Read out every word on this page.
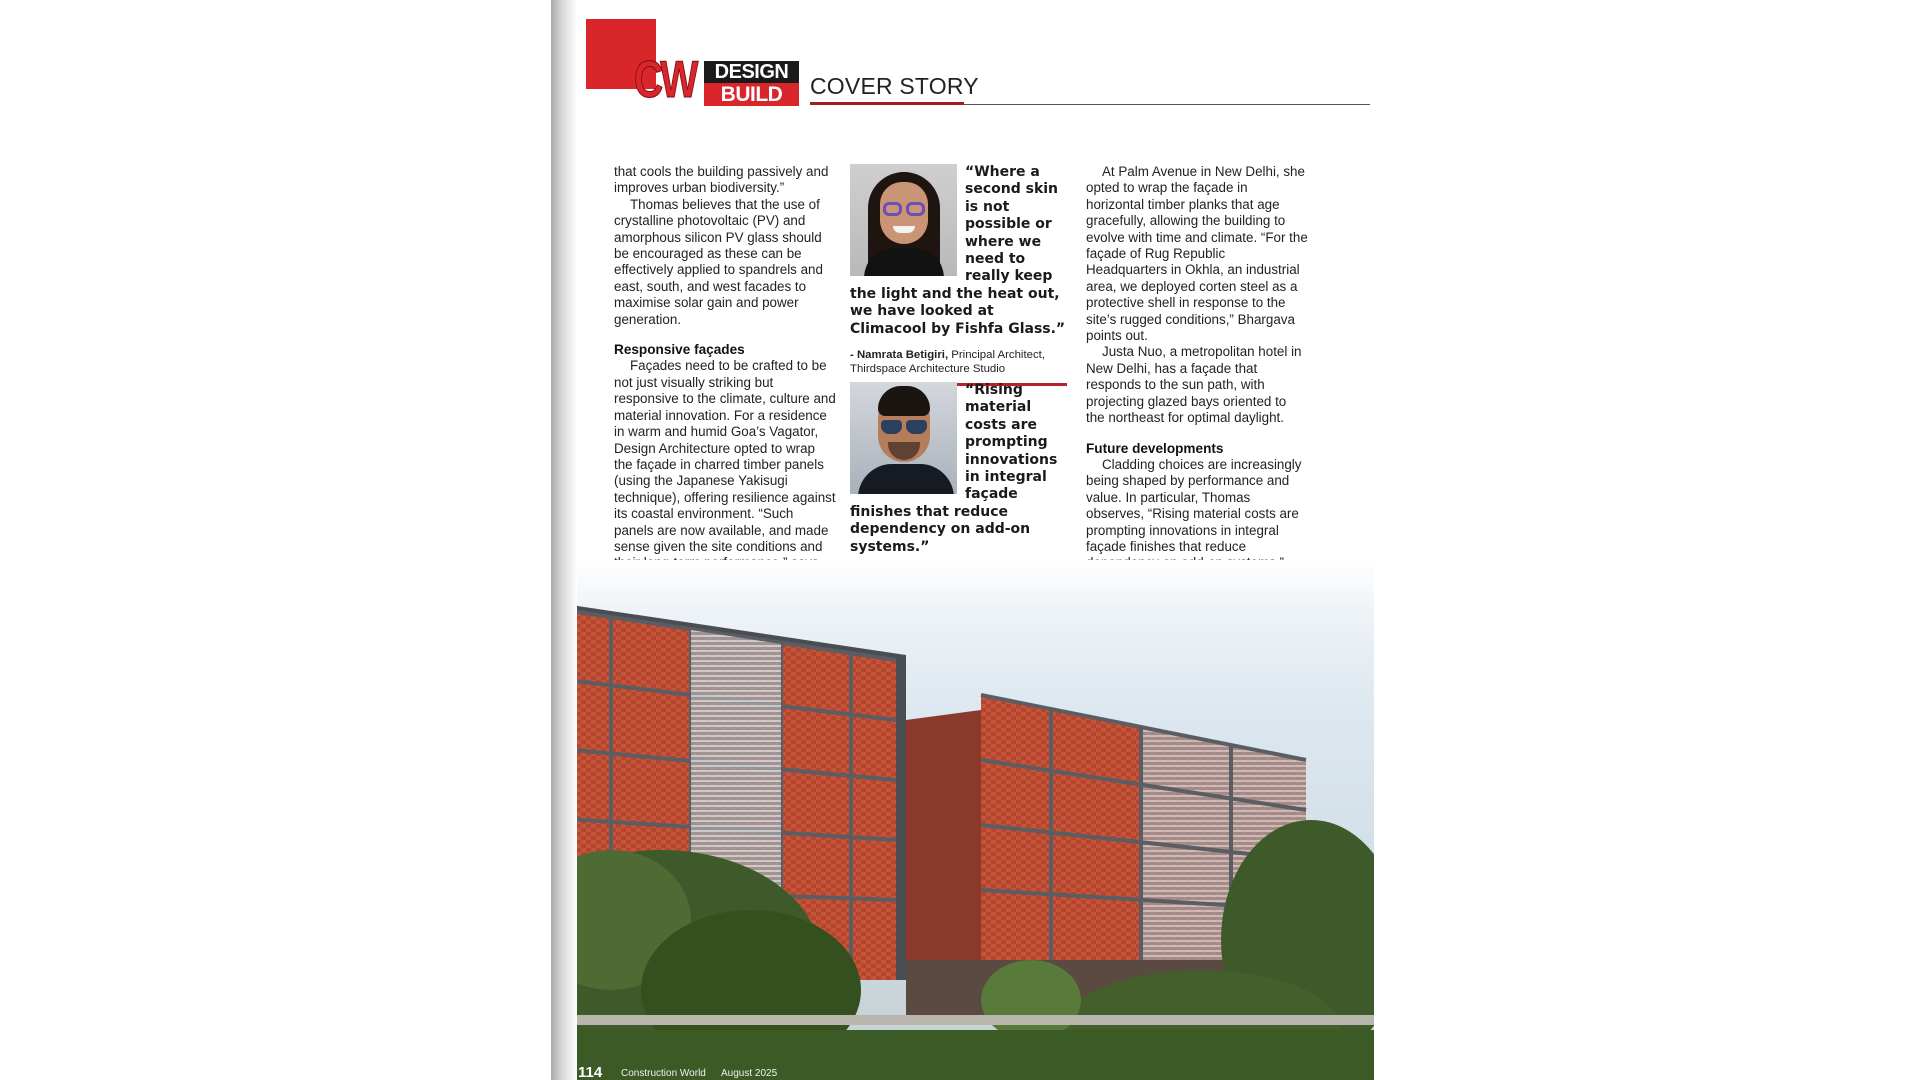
CW DESIGN
BUILD	COVER STORY

that cools the building passively and improves urban biodiversity.”

Thomas believes that the use of crystalline photovoltaic (PV) and amorphous silicon PV glass should be encouraged as these can be effectively applied to spandrels and east, south, and west facades to maximise solar gain and power generation.

Responsive façades

Façades need to be crafted to be not just visually striking but responsive to the climate, culture and material innovation. For a residence in warm and humid Goa’s Vagator, Design Architecture opted to wrap the façade in charred timber panels (using the Japanese Yakisugi technique), offering resilience against its coastal environment. “Such panels are now available, and made sense given the site conditions and

“Where a second skin is not possible or where we need to really keep the light and the heat out, we have looked at Climacool by Fishfa Glass.”
- Namrata Betigiri, Principal Architect, Thirdspace Architecture Studio
“Rising material costs are prompting innovations in integral façade finishes that reduce dependency on add-on systems.”

At Palm Avenue in New Delhi, she opted to wrap the façade in horizontal timber planks that age gracefully, allowing the building to evolve with time and climate. “For the façade of Rug Republic Headquarters in Okhla, an industrial area, we deployed corten steel as a protective shell in response to the site’s rugged conditions,” Bhargava points out.

Justa Nuo, a metropolitan hotel in New Delhi, has a façade that responds to the sun path, with projecting glazed bays oriented to the northeast for optimal daylight.

Future developments

Cladding choices are increasingly being shaped by performance and value. In particular, Thomas observes, “Rising material costs are prompting innovations in integral façade finishes that reduce

114 Construction World August 2025
